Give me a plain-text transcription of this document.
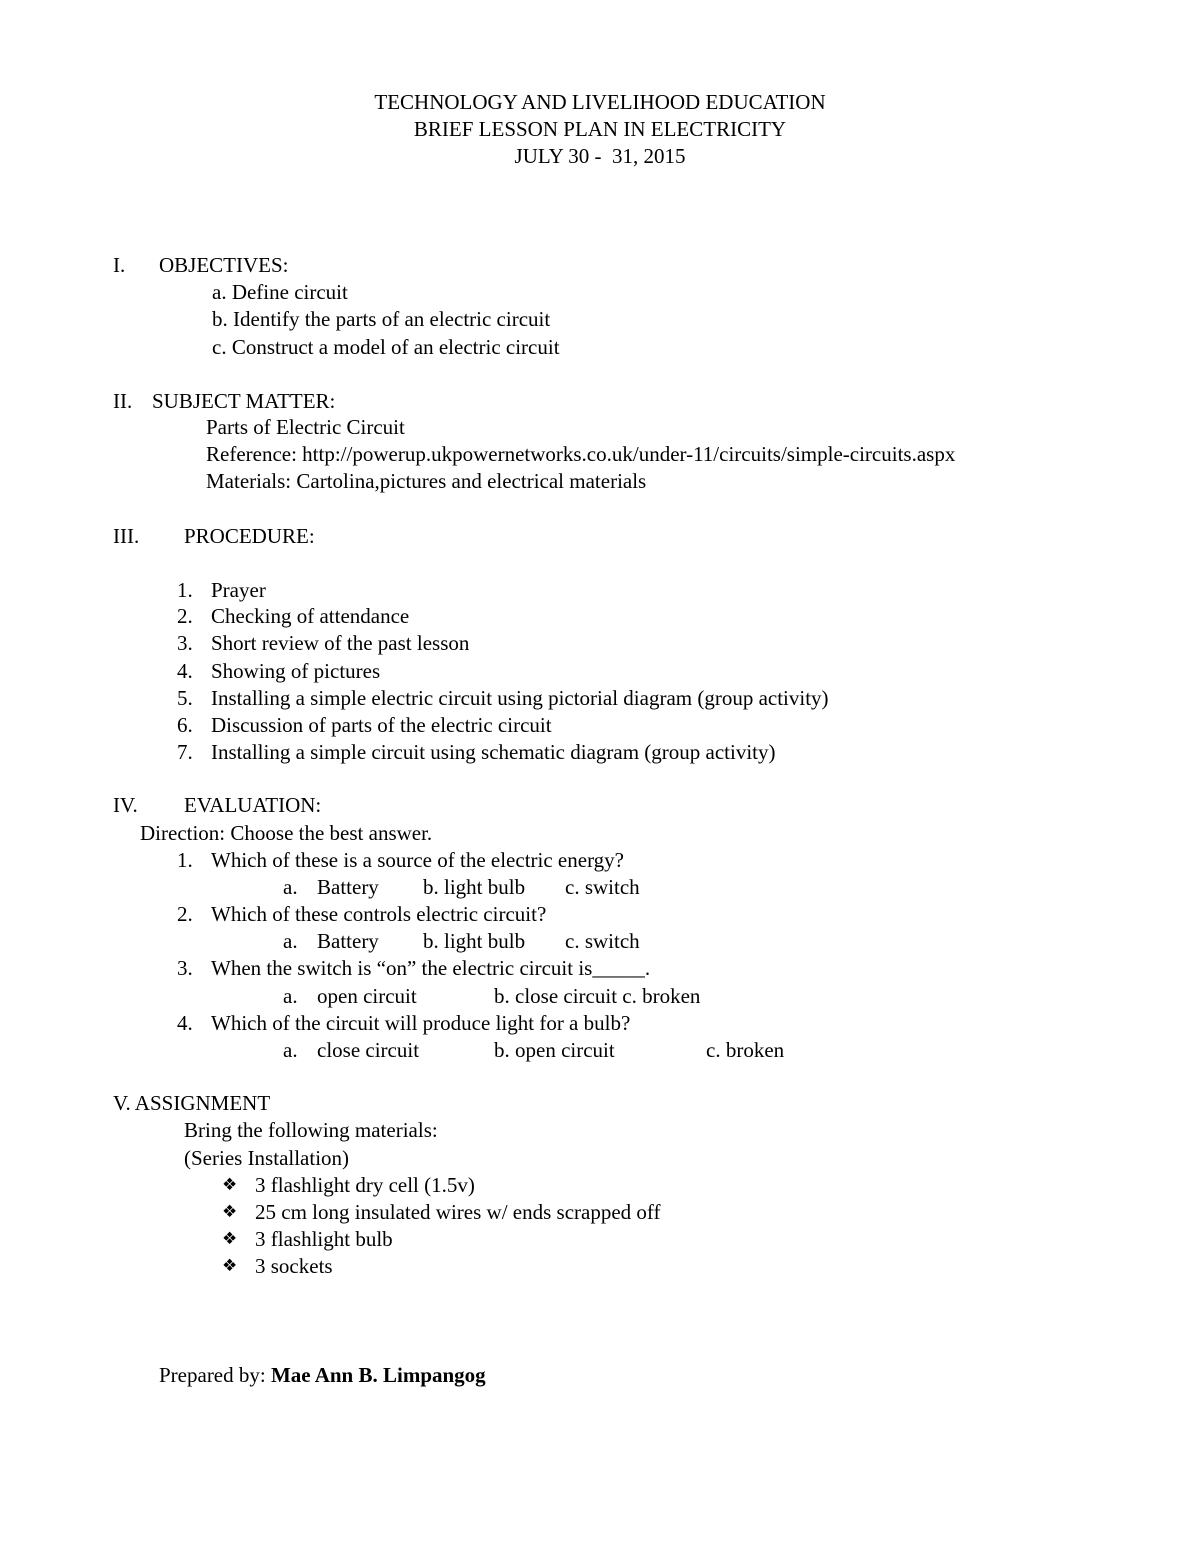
TECHNOLOGY AND LIVELIHOOD EDUCATION
BRIEF LESSON PLAN IN ELECTRICITY
JULY 30 -  31, 2015
I. OBJECTIVES:
a. Define circuit
b. Identify the parts of an electric circuit
c. Construct a model of an electric circuit
II. SUBJECT MATTER:
Parts of Electric Circuit
Reference: http://powerup.ukpowernetworks.co.uk/under-11/circuits/simple-circuits.aspx
Materials: Cartolina,pictures and electrical materials
III. PROCEDURE:
1. Prayer
2. Checking of attendance
3. Short review of the past lesson
4. Showing of pictures
5. Installing a simple electric circuit using pictorial diagram (group activity)
6. Discussion of parts of the electric circuit
7. Installing a simple circuit using schematic diagram (group activity)
IV. EVALUATION:
Direction: Choose the best answer.
1. Which of these is a source of the electric energy?
a. Battery b. light bulb c. switch
2. Which of these controls electric circuit?
a. Battery b. light bulb c. switch
3. When the switch is “on” the electric circuit is_____.
a. open circuit	b. close circuit c. broken
4. Which of the circuit will produce light for a bulb?
a. close circuit	b. open circuit	c. broken
V. ASSIGNMENT
Bring the following materials:
(Series Installation)
❖ 3 flashlight dry cell (1.5v)
❖ 25 cm long insulated wires w/ ends scrapped off
❖ 3 flashlight bulb
❖ 3 sockets
Prepared by: Mae Ann B. Limpangog
